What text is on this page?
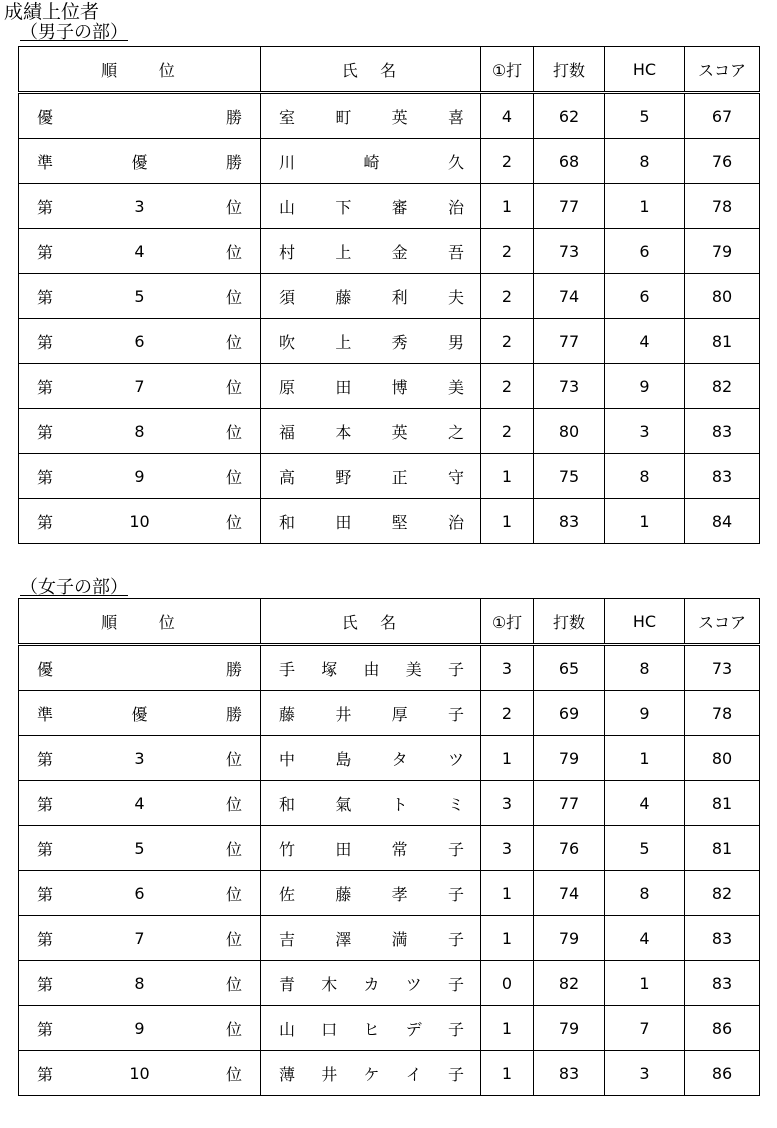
成績上位者
（男子の部）
順　　位	氏　名	①打	打数	HC	スコア

優 勝	室 町 英 喜	4	62	5	67

準 優 勝	川 崎 久	2	68	8	76

第 3 位	山 下 審 治	1	77	1	78

第 4 位	村 上 金 吾	2	73	6	79

第 5 位	須 藤 利 夫	2	74	6	80

第 6 位	吹 上 秀 男	2	77	4	81

第 7 位	原 田 博 美	2	73	9	82

第 8 位	福 本 英 之	2	80	3	83

第 9 位	高 野 正 守	1	75	8	83

第 10 位	和 田 堅 治	1	83	1	84
（女子の部）
順　　位	氏　名	①打	打数	HC	スコア

優 勝	手 塚 由 美 子	3	65	8	73

準 優 勝	藤 井 厚 子	2	69	9	78

第 3 位	中 島 タ ツ	1	79	1	80

第 4 位	和 氣 ト ミ	3	77	4	81

第 5 位	竹 田 常 子	3	76	5	81

第 6 位	佐 藤 孝 子	1	74	8	82

第 7 位	吉 澤 満 子	1	79	4	83

第 8 位	青 木 カ ツ 子	0	82	1	83

第 9 位	山 口 ヒ デ 子	1	79	7	86

第 10 位	薄 井 ケ イ 子	1	83	3	86
